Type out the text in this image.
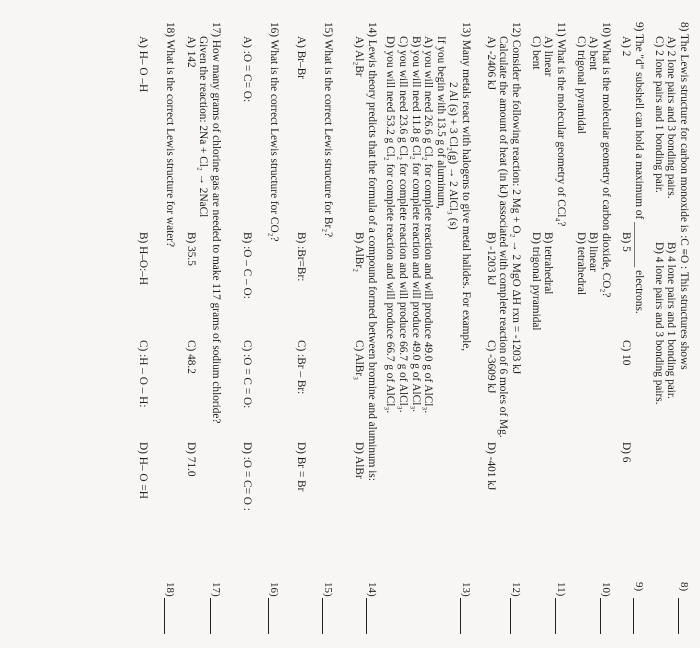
8) The Lewis structure for carbon monoxide is :C ≡O : This structures shows
A) 2 lone pairs and 3 bonding pairs.
B) 4 lone pairs and 1 bonding pair.
C) 2 lone pairs and 1 bonding pair.
D) 4 lone pairs and 3 bonding pairs.
8)
9) The "d" subshell can hold a maximum of ________ electrons.
A) 2
B) 5
C) 10
D) 6
9)
10) What is the molecular geometry of carbon dioxide, CO₂?
A) bent
B) linear
C) trigonal pyramidal
D) tetrahedral
10)
11) What is the molecular geometry of CCl₄?
A) linear
B) tetrahedral
C) bent
D) trigonal pyramidal
11)
12) Consider the following reaction: 2 Mg + O₂ → 2 MgO ΔH rxn = -1203 kJ
Calculate the amount of heat (in kJ) associated with complete reaction of 6 moles of Mg.
A) -2406 kJ
B) -1203 kJ
C) -3609 kJ
D) -401 kJ
12)
13) Many metals react with halogens to give metal halides. For example,
2 Al (s) + 3 Cl₂(g) → 2 AlCl₃ (s)
If you begin with 13.5 g of aluminum,
A) you will need 26.6 g Cl₂ for complete reaction and will produce 49.0 g of AlCl₃.
B) you will need 11.8 g Cl₂ for complete reaction and will produce 49.0 g of AlCl₃.
C) you will need 23.6 g Cl₂ for complete reaction and will produce 66.7 g of AlCl₃.
D) you will need 53.2 g Cl₂ for complete reaction and will produce 66.7 g of AlCl₃.
13)
14) Lewis theory predicts that the formula of a compound formed between bromine and aluminum is:
A) Al₂Br
B) AlBr₂
C) AlBr₃
D) AlBr
14)
15) What is the correct Lewis structure for Br₂?
A) Br–Br
B) :Br=Br:
C) :Br – Br:
D) Br = Br
15)
16) What is the correct Lewis structure for CO₂?
A) :O = C= O:
B) :O – C – O:
C) :O = C = O:
D) :O = C= O :
16)
17) How many grams of chlorine gas are needed to make 117 grams of sodium chloride?
Given the reaction: 2Na + Cl₂ → 2NaCl
A) 142
B) 35.5
C) 48.2
D) 71.0
17)
18) What is the correct Lewis structure for water?
A) H– O –H
B) H–O:–H
C) :H – O – H:
D) H– O =H
18)
